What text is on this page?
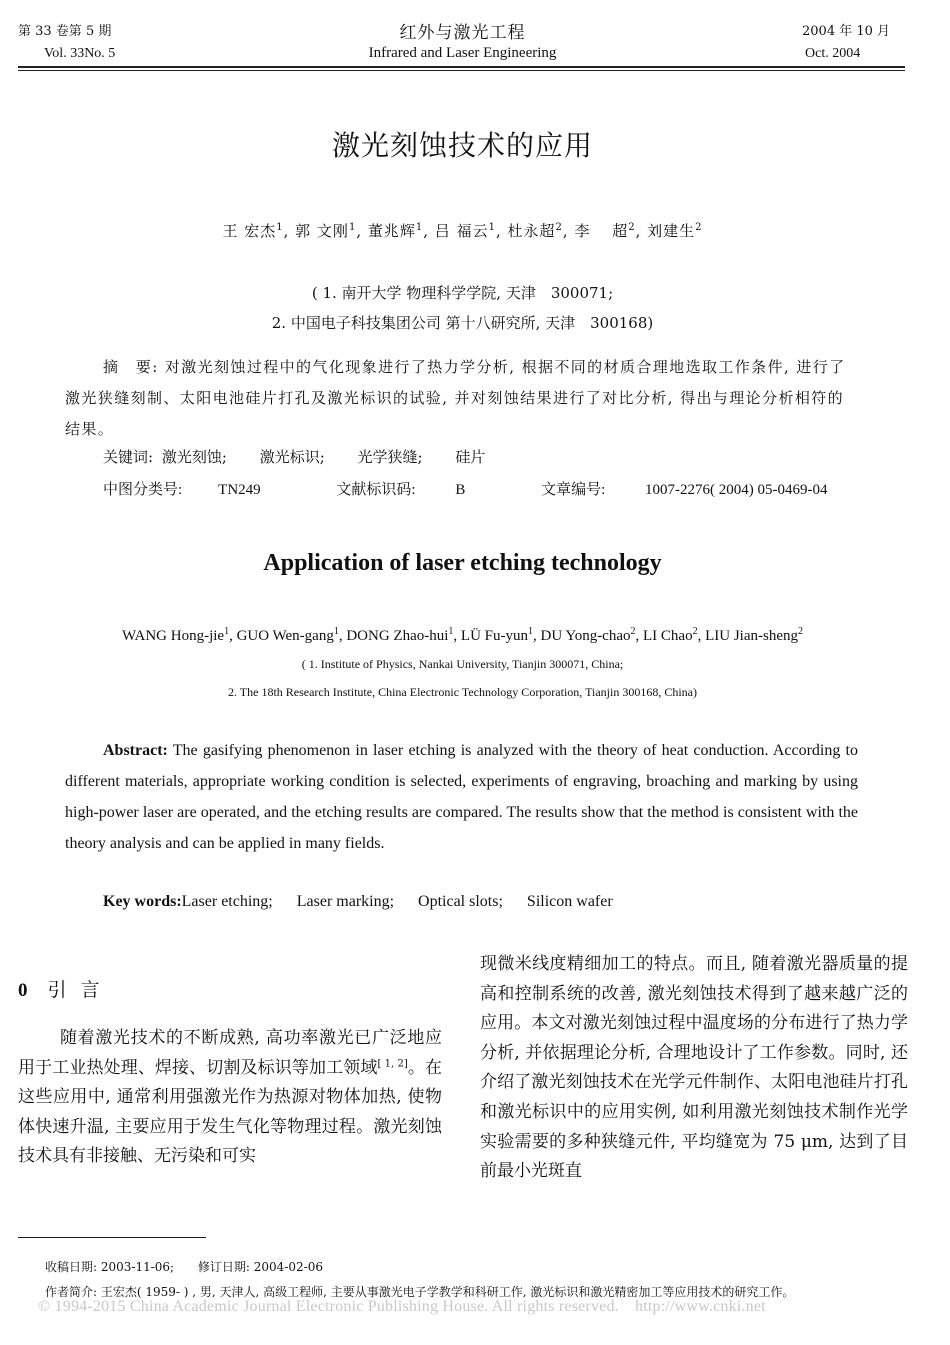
第 33 卷第 5 期
Vol. 33No. 5
红外与激光工程
Infrared and Laser Engineering
2004 年 10 月
Oct. 2004
激光刻蚀技术的应用
王 宏杰$^1$, 郭 文刚$^1$, 董兆辉$^1$, 吕 福云$^1$, 杜永超$^2$, 李　 超$^2$, 刘建生$^2$
( 1. 南开大学 物理科学学院, 天津　300071;
2. 中国电子科技集团公司 第十八研究所, 天津　300168)
摘　要: 对激光刻蚀过程中的气化现象进行了热力学分析, 根据不同的材质合理地选取工作条件, 进行了激光狭缝刻制、太阳电池硅片打孔及激光标识的试验, 并对刻蚀结果进行了对比分析, 得出与理论分析相符的结果。
关键词: 激光刻蚀; 激光标识; 光学狭缝; 硅片
中图分类号: TN249	文献标识码:	B	文章编号:	1007-2276( 2004) 05-0469-04
Application of laser etching technology
WANG Hong-jie$^1$, GUO Wen-gang$^1$, DONG Zhao-hui$^1$, LÜ Fu-yun$^1$, DU Yong-chao$^2$, LI Chao$^2$, LIU Jian-sheng$^2$
( 1. Institute of Physics, Nankai University, Tianjin 300071, China;
2. The 18th Research Institute, China Electronic Technology Corporation, Tianjin 300168, China)
Abstract: The gasifying phenomenon in laser etching is analyzed with the theory of heat conduction. According to different materials, appropriate working condition is selected, experiments of engraving, broaching and marking by using high-power laser are operated, and the etching results are compared. The results show that the method is consistent with the theory analysis and can be applied in many fields.
Key words:Laser etching; Laser marking; Optical slots; Silicon wafer
0 引言
随着激光技术的不断成熟, 高功率激光已广泛地应用于工业热处理、焊接、切割及标识等加工领域[ 1, 2]。在这些应用中, 通常利用强激光作为热源对物体加热, 使物体快速升温, 主要应用于发生气化等物理过程。激光刻蚀技术具有非接触、无污染和可实
现微米线度精细加工的特点。而且, 随着激光器质量的提高和控制系统的改善, 激光刻蚀技术得到了越来越广泛的应用。本文对激光刻蚀过程中温度场的分布进行了热力学分析, 并依据理论分析, 合理地设计了工作参数。同时, 还介绍了激光刻蚀技术在光学元件制作、太阳电池硅片打孔和激光标识中的应用实例, 如利用激光刻蚀技术制作光学实验需要的多种狭缝元件, 平均缝宽为 75 μm, 达到了目前最小光斑直
收稿日期: 2003-11-06; 修订日期: 2004-02-06
作者简介: 王宏杰( 1959- ) , 男, 天津人, 高级工程师, 主要从事激光电子学教学和科研工作, 激光标识和激光精密加工等应用技术的研究工作。
© 1994-2015 China Academic Journal Electronic Publishing House. All rights reserved.　http://www.cnki.net
